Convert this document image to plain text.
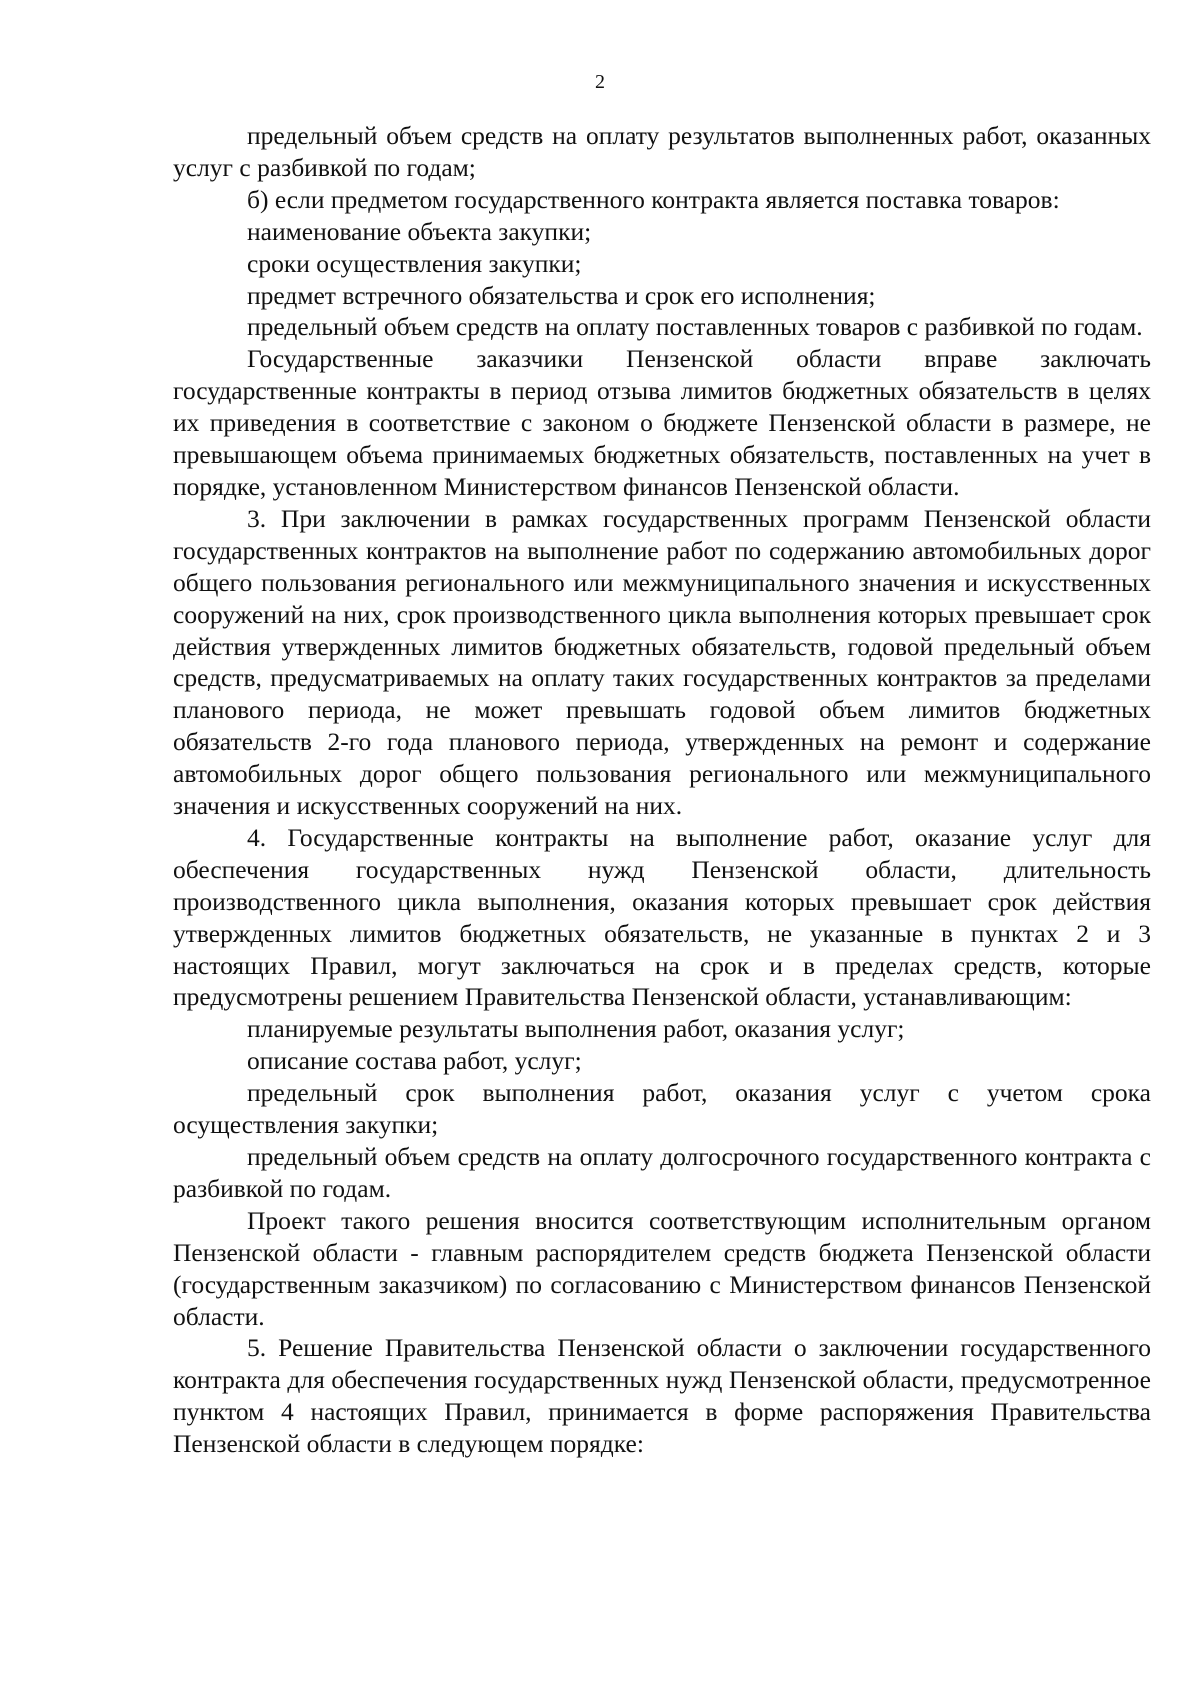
2

предельный объем средств на оплату результатов выполненных работ, оказанных услуг с разбивкой по годам;

б) если предметом государственного контракта является поставка товаров:

наименование объекта закупки;

сроки осуществления закупки;

предмет встречного обязательства и срок его исполнения;

предельный объем средств на оплату поставленных товаров с разбивкой по годам.

Государственные заказчики Пензенской области вправе заключать государственные контракты в период отзыва лимитов бюджетных обязательств в целях их приведения в соответствие с законом о бюджете Пензенской области в размере, не превышающем объема принимаемых бюджетных обязательств, поставленных на учет в порядке, установленном Министерством финансов Пензенской области.

3. При заключении в рамках государственных программ Пензенской области государственных контрактов на выполнение работ по содержанию автомобильных дорог общего пользования регионального или межмуниципального значения и искусственных сооружений на них, срок производственного цикла выполнения которых превышает срок действия утвержденных лимитов бюджетных обязательств, годовой предельный объем средств, предусматриваемых на оплату таких государственных контрактов за пределами планового периода, не может превышать годовой объем лимитов бюджетных обязательств 2-го года планового периода, утвержденных на ремонт и содержание автомобильных дорог общего пользования регионального или межмуниципального значения и искусственных сооружений на них.

4. Государственные контракты на выполнение работ, оказание услуг для обеспечения государственных нужд Пензенской области, длительность производственного цикла выполнения, оказания которых превышает срок действия утвержденных лимитов бюджетных обязательств, не указанные в пунктах 2 и 3 настоящих Правил, могут заключаться на срок и в пределах средств, которые предусмотрены решением Правительства Пензенской области, устанавливающим:

планируемые результаты выполнения работ, оказания услуг;

описание состава работ, услуг;

предельный срок выполнения работ, оказания услуг с учетом срока осуществления закупки;

предельный объем средств на оплату долгосрочного государственного контракта с разбивкой по годам.

Проект такого решения вносится соответствующим исполнительным органом Пензенской области - главным распорядителем средств бюджета Пензенской области (государственным заказчиком) по согласованию с Министерством финансов Пензенской области.

5. Решение Правительства Пензенской области о заключении государственного контракта для обеспечения государственных нужд Пензенской области, предусмотренное пунктом 4 настоящих Правил, принимается в форме распоряжения Правительства Пензенской области в следующем порядке:
